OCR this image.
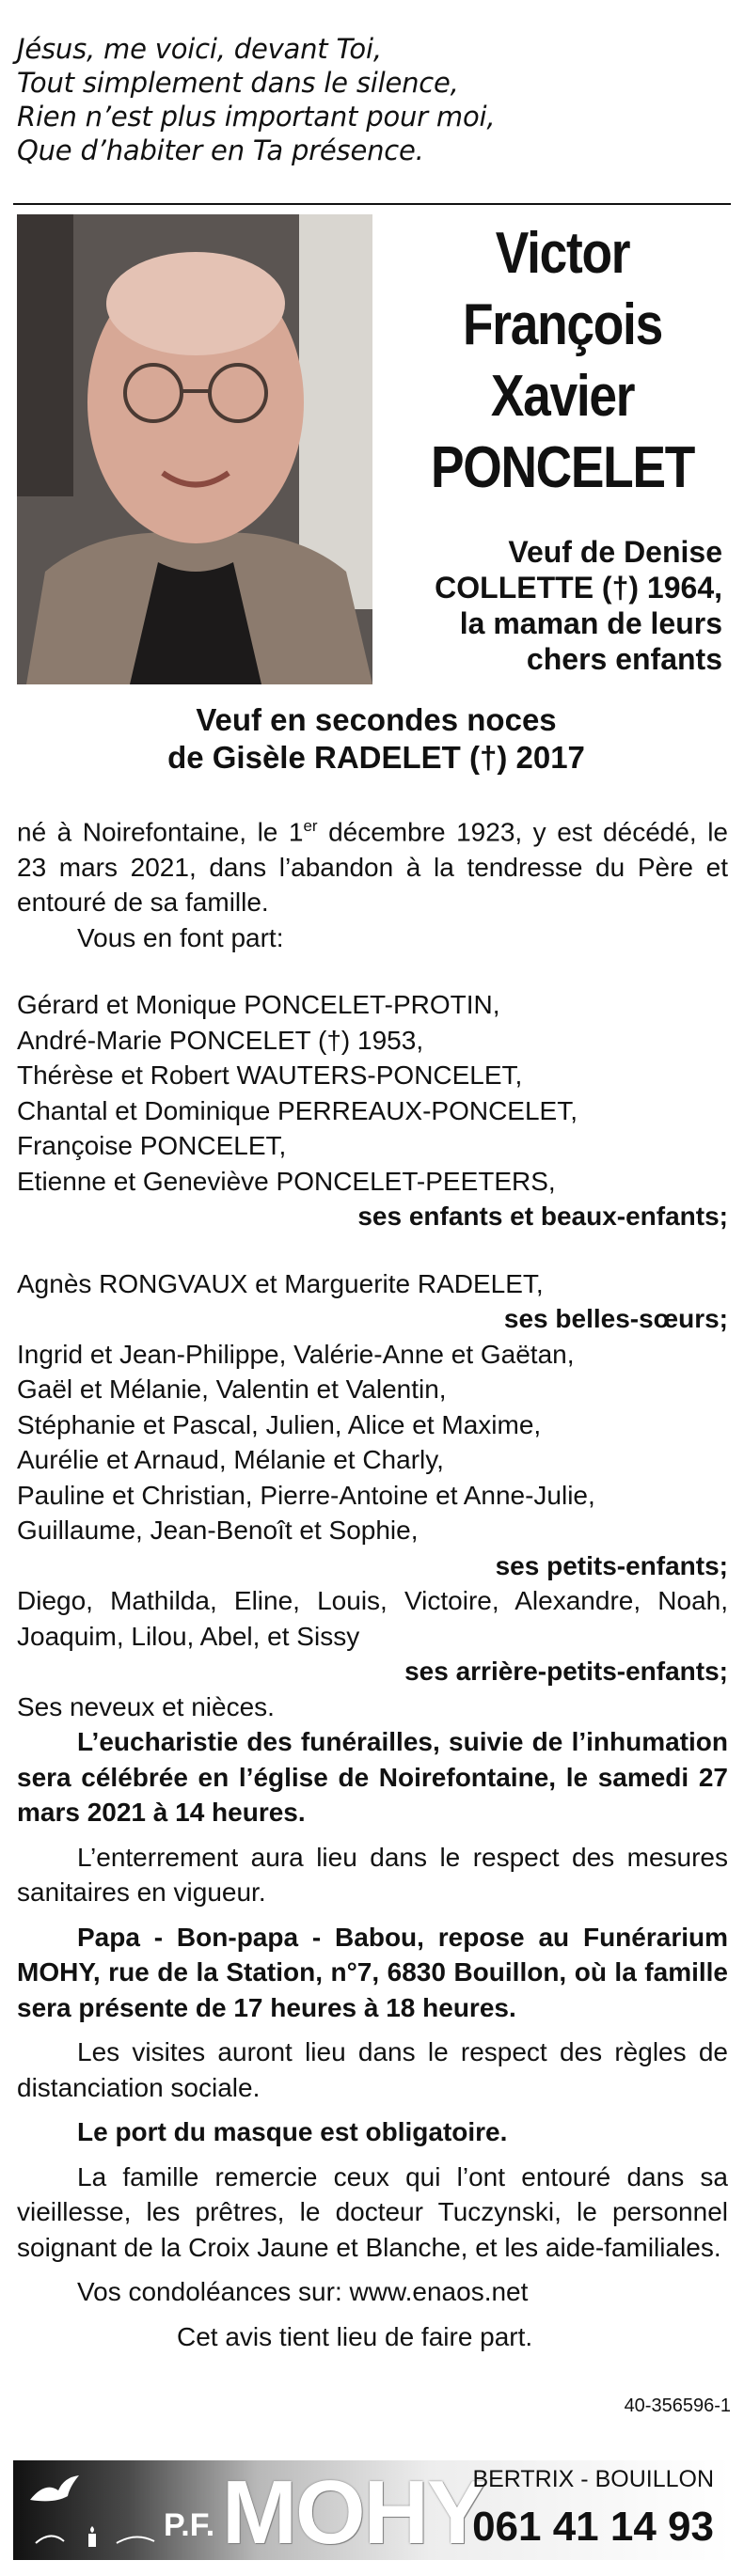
Jésus, me voici, devant Toi,
Tout simplement dans le silence,
Rien n’est plus important pour moi,
Que d’habiter en Ta présence.
Victor
François
Xavier
PONCELET
Veuf de Denise
COLLETTE (†) 1964,
la maman de leurs
chers enfants
Veuf en secondes noces
de Gisèle RADELET (†) 2017

né à Noirefontaine, le 1er décembre 1923, y est décédé, le 23 mars 2021, dans l’abandon à la tendresse du Père et entouré de sa famille.

Vous en font part:

Gérard et Monique PONCELET-PROTIN,

André-Marie PONCELET (†) 1953,

Thérèse et Robert WAUTERS-PONCELET,

Chantal et Dominique PERREAUX-PONCELET,

Françoise PONCELET,

Etienne et Geneviève PONCELET-PEETERS,

ses enfants et beaux-enfants;

Agnès RONGVAUX et Marguerite RADELET,

ses belles-sœurs;

Ingrid et Jean-Philippe, Valérie-Anne et Gaëtan,

Gaël et Mélanie, Valentin et Valentin,

Stéphanie et Pascal, Julien, Alice et Maxime,

Aurélie et Arnaud, Mélanie et Charly,

Pauline et Christian, Pierre-Antoine et Anne-Julie,

Guillaume, Jean-Benoît et Sophie,

ses petits-enfants;

Diego, Mathilda, Eline, Louis, Victoire, Alexandre, Noah, Joaquim, Lilou, Abel, et Sissy

ses arrière-petits-enfants;

Ses neveux et nièces.

L’eucharistie des funérailles, suivie de l’inhumation sera célébrée en l’église de Noirefontaine, le samedi 27 mars 2021 à 14 heures.

L’enterrement aura lieu dans le respect des mesures sanitaires en vigueur.

Papa - Bon-papa - Babou, repose au Funérarium MOHY, rue de la Station, n°7, 6830 Bouillon, où la famille sera présente de 17 heures à 18 heures.

Les visites auront lieu dans le respect des règles de distanciation sociale.

Le port du masque est obligatoire.

La famille remercie ceux qui l’ont entouré dans sa vieillesse, les prêtres, le docteur Tuczynski, le personnel soignant de la Croix Jaune et Blanche, et les aide-familiales.

Vos condoléances sur: www.enaos.net

Cet avis tient lieu de faire part.

40-356596-1
P.F. MOHY
BERTRIX - BOUILLON
061 41 14 93
